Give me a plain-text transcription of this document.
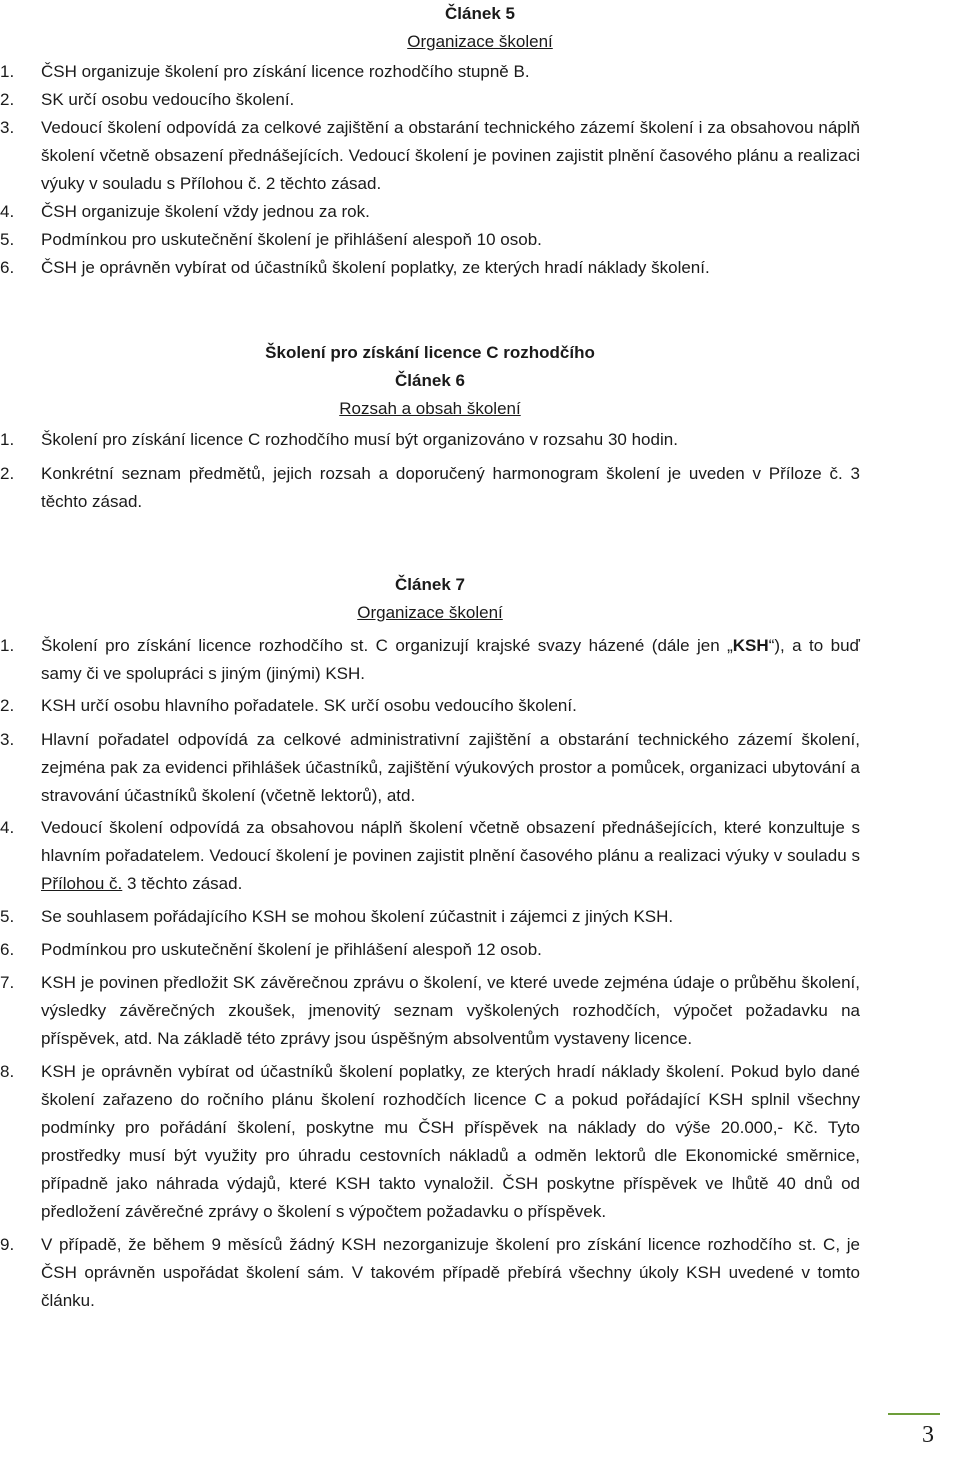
Článek 5
Organizace školení
1. ČSH organizuje školení pro získání licence rozhodčího stupně B.
2. SK určí osobu vedoucího školení.
3. Vedoucí školení odpovídá za celkové zajištění a obstarání technického zázemí školení i za obsahovou náplň školení včetně obsazení přednášejících. Vedoucí školení je povinen zajistit plnění časového plánu a realizaci výuky v souladu s Přílohou č. 2 těchto zásad.
4. ČSH organizuje školení vždy jednou za rok.
5. Podmínkou pro uskutečnění školení je přihlášení alespoň 10 osob.
6. ČSH je oprávněn vybírat od účastníků školení poplatky, ze kterých hradí náklady školení.
Školení pro získání licence C rozhodčího
Článek 6
Rozsah a obsah školení
1. Školení pro získání licence C rozhodčího musí být organizováno v rozsahu 30 hodin.
2. Konkrétní seznam předmětů, jejich rozsah a doporučený harmonogram školení je uveden v Příloze č. 3 těchto zásad.
Článek 7
Organizace školení
1. Školení pro získání licence rozhodčího st. C organizují krajské svazy házené (dále jen „KSH“), a to buď samy či ve spolupráci s jiným (jinými) KSH.
2. KSH určí osobu hlavního pořadatele. SK určí osobu vedoucího školení.
3. Hlavní pořadatel odpovídá za celkové administrativní zajištění a obstarání technického zázemí školení, zejména pak za evidenci přihlášek účastníků, zajištění výukových prostor a pomůcek, organizaci ubytování a stravování účastníků školení (včetně lektorů), atd.
4. Vedoucí školení odpovídá za obsahovou náplň školení včetně obsazení přednášejících, které konzultuje s hlavním pořadatelem. Vedoucí školení je povinen zajistit plnění časového plánu a realizaci výuky v souladu s Přílohou č. 3 těchto zásad.
5. Se souhlasem pořádajícího KSH se mohou školení zúčastnit i zájemci z jiných KSH.
6. Podmínkou pro uskutečnění školení je přihlášení alespoň 12 osob.
7. KSH je povinen předložit SK závěrečnou zprávu o školení, ve které uvede zejména údaje o průběhu školení, výsledky závěrečných zkoušek, jmenovitý seznam vyškolených rozhodčích, výpočet požadavku na příspěvek, atd. Na základě této zprávy jsou úspěšným absolventům vystaveny licence.
8. KSH je oprávněn vybírat od účastníků školení poplatky, ze kterých hradí náklady školení. Pokud bylo dané školení zařazeno do ročního plánu školení rozhodčích licence C a pokud pořádající KSH splnil všechny podmínky pro pořádání školení, poskytne mu ČSH příspěvek na náklady do výše 20.000,- Kč. Tyto prostředky musí být využity pro úhradu cestovních nákladů a odměn lektorů dle Ekonomické směrnice, případně jako náhrada výdajů, které KSH takto vynaložil. ČSH poskytne příspěvek ve lhůtě 40 dnů od předložení závěrečné zprávy o školení s výpočtem požadavku o příspěvek.
9. V případě, že během 9 měsíců žádný KSH nezorganizuje školení pro získání licence rozhodčího st. C, je ČSH oprávněn uspořádat školení sám. V takovém případě přebírá všechny úkoly KSH uvedené v tomto článku.
3
